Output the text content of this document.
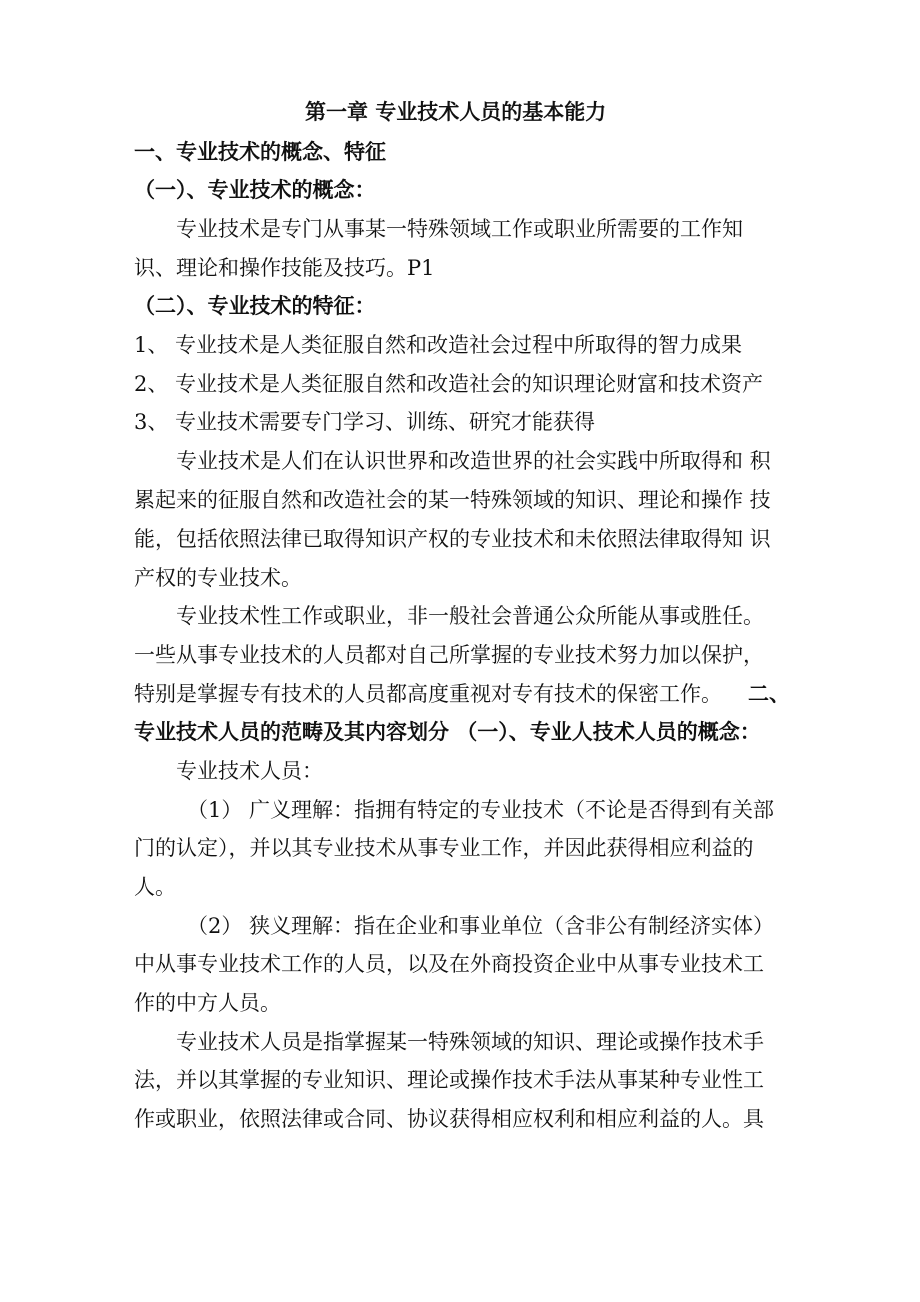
第一章 专业技术人员的基本能力
一、专业技术的概念、特征
（一）、专业技术的概念：
专业技术是专门从事某一特殊领域工作或职业所需要的工作知
识、理论和操作技能及技巧。P1
（二）、专业技术的特征：
1、 专业技术是人类征服自然和改造社会过程中所取得的智力成果
2、 专业技术是人类征服自然和改造社会的知识理论财富和技术资产
3、 专业技术需要专门学习、训练、研究才能获得
专业技术是人们在认识世界和改造世界的社会实践中所取得和 积
累起来的征服自然和改造社会的某一特殊领域的知识、理论和操作 技
能，包括依照法律已取得知识产权的专业技术和未依照法律取得知 识
产权的专业技术。
专业技术性工作或职业，非一般社会普通公众所能从事或胜任。
一些从事专业技术的人员都对自己所掌握的专业技术努力加以保护，
特别是掌握专有技术的人员都高度重视对专有技术的保密工作。 二、
专业技术人员的范畴及其内容划分 （一）、专业人技术人员的概念：
专业技术人员：
（1） 广义理解：指拥有特定的专业技术（不论是否得到有关部
门的认定），并以其专业技术从事专业工作，并因此获得相应利益的
人。
（2） 狭义理解：指在企业和事业单位（含非公有制经济实体）
中从事专业技术工作的人员，以及在外商投资企业中从事专业技术工
作的中方人员。
专业技术人员是指掌握某一特殊领域的知识、理论或操作技术手
法，并以其掌握的专业知识、理论或操作技术手法从事某种专业性工
作或职业，依照法律或合同、协议获得相应权利和相应利益的人。具
